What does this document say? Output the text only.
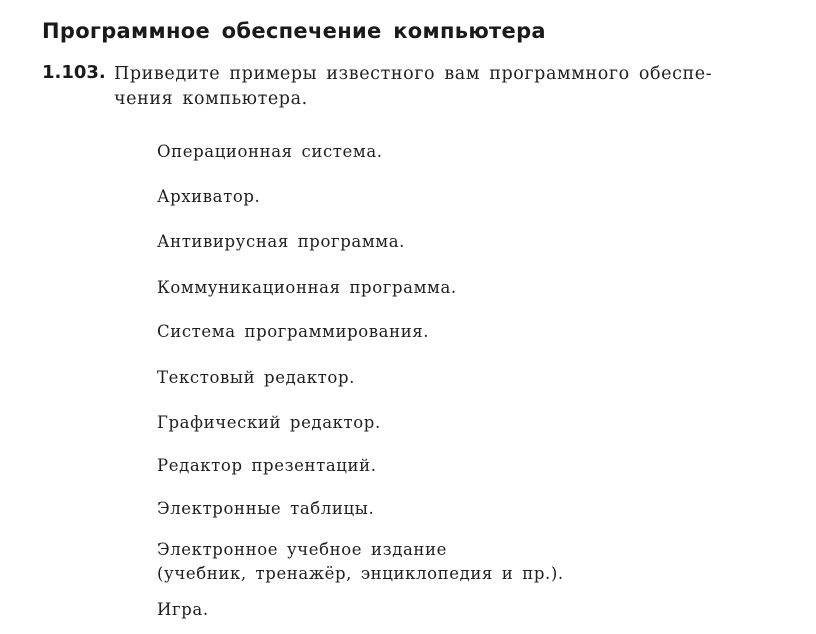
Программное обеспечение компьютера
1.103. Приведите примеры известного вам программного обеспе-
чения компьютера.
Операционная система.
Архиватор.
Антивирусная программа.
Коммуникационная программа.
Система программирования.
Текстовый редактор.
Графический редактор.
Редактор презентаций.
Электронные таблицы.
Электронное учебное издание
(учебник, тренажёр, энциклопедия и пр.).
Игра.
